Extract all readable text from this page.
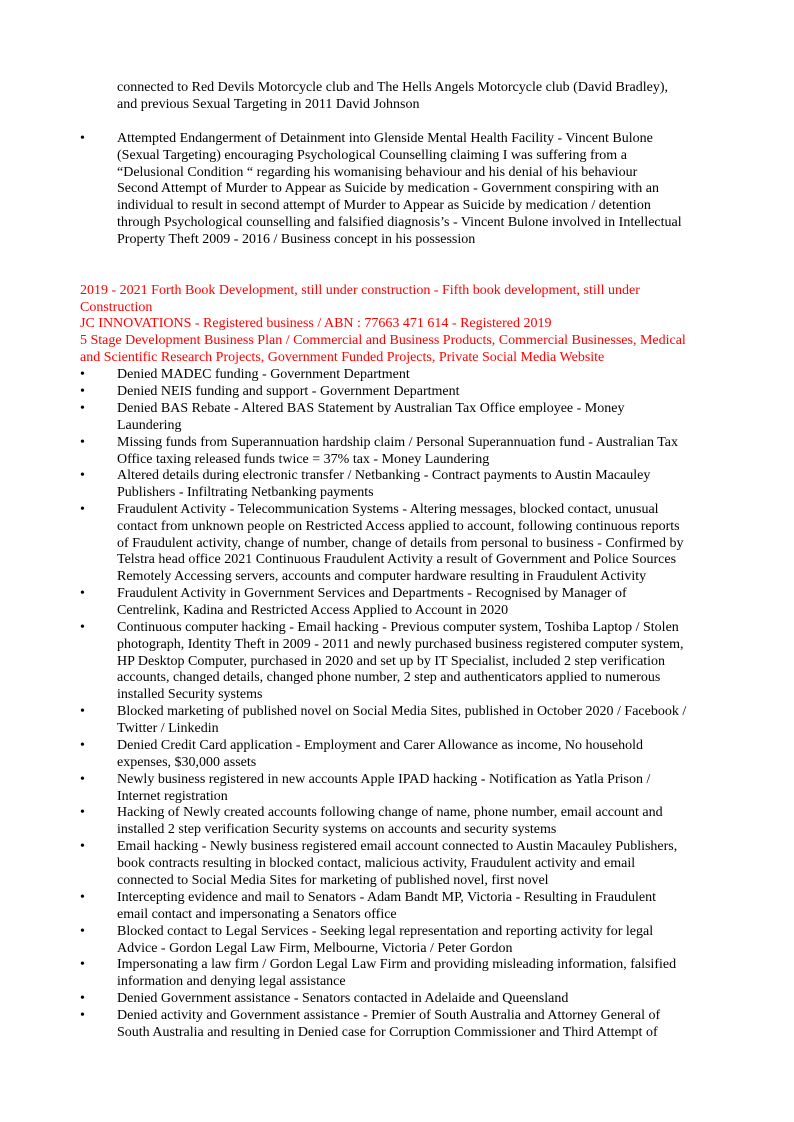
connected to Red Devils Motorcycle club and The Hells Angels Motorcycle club (David Bradley),
and previous Sexual Targeting in 2011 David Johnson

• Attempted Endangerment of Detainment into Glenside Mental Health Facility - Vincent Bulone
(Sexual Targeting) encouraging Psychological Counselling claiming I was suffering from a
“Delusional Condition “ regarding his womanising behaviour and his denial of his behaviour
Second Attempt of Murder to Appear as Suicide by medication - Government conspiring with an
individual to result in second attempt of Murder to Appear as Suicide by medication / detention
through Psychological counselling and falsified diagnosis’s - Vincent Bulone involved in Intellectual
Property Theft 2009 - 2016 / Business concept in his possession

2019 - 2021 Forth Book Development, still under construction - Fifth book development, still under
Construction

JC INNOVATIONS - Registered business / ABN : 77663 471 614 - Registered 2019

5 Stage Development Business Plan / Commercial and Business Products, Commercial Businesses, Medical
and Scientific Research Projects, Government Funded Projects, Private Social Media Website

• Denied MADEC funding - Government Department

• Denied NEIS funding and support - Government Department

• Denied BAS Rebate - Altered BAS Statement by Australian Tax Office employee - Money
Laundering

• Missing funds from Superannuation hardship claim / Personal Superannuation fund - Australian Tax
Office taxing released funds twice = 37% tax - Money Laundering

• Altered details during electronic transfer / Netbanking - Contract payments to Austin Macauley
Publishers - Infiltrating Netbanking payments

• Fraudulent Activity - Telecommunication Systems - Altering messages, blocked contact, unusual
contact from unknown people on Restricted Access applied to account, following continuous reports
of Fraudulent activity, change of number, change of details from personal to business - Confirmed by
Telstra head office 2021 Continuous Fraudulent Activity a result of Government and Police Sources
Remotely Accessing servers, accounts and computer hardware resulting in Fraudulent Activity

• Fraudulent Activity in Government Services and Departments - Recognised by Manager of
Centrelink, Kadina and Restricted Access Applied to Account in 2020

• Continuous computer hacking - Email hacking - Previous computer system, Toshiba Laptop / Stolen
photograph, Identity Theft in 2009 - 2011 and newly purchased business registered computer system,
HP Desktop Computer, purchased in 2020 and set up by IT Specialist, included 2 step verification
accounts, changed details, changed phone number, 2 step and authenticators applied to numerous
installed Security systems

• Blocked marketing of published novel on Social Media Sites, published in October 2020 / Facebook /
Twitter / Linkedin

• Denied Credit Card application - Employment and Carer Allowance as income, No household
expenses, $30,000 assets

• Newly business registered in new accounts Apple IPAD hacking - Notification as Yatla Prison /
Internet registration

• Hacking of Newly created accounts following change of name, phone number, email account and
installed 2 step verification Security systems on accounts and security systems

• Email hacking - Newly business registered email account connected to Austin Macauley Publishers,
book contracts resulting in blocked contact, malicious activity, Fraudulent activity and email
connected to Social Media Sites for marketing of published novel, first novel

• Intercepting evidence and mail to Senators - Adam Bandt MP, Victoria - Resulting in Fraudulent
email contact and impersonating a Senators office

• Blocked contact to Legal Services - Seeking legal representation and reporting activity for legal
Advice - Gordon Legal Law Firm, Melbourne, Victoria / Peter Gordon

• Impersonating a law firm / Gordon Legal Law Firm and providing misleading information, falsified
information and denying legal assistance

• Denied Government assistance - Senators contacted in Adelaide and Queensland

• Denied activity and Government assistance - Premier of South Australia and Attorney General of
South Australia and resulting in Denied case for Corruption Commissioner and Third Attempt of
